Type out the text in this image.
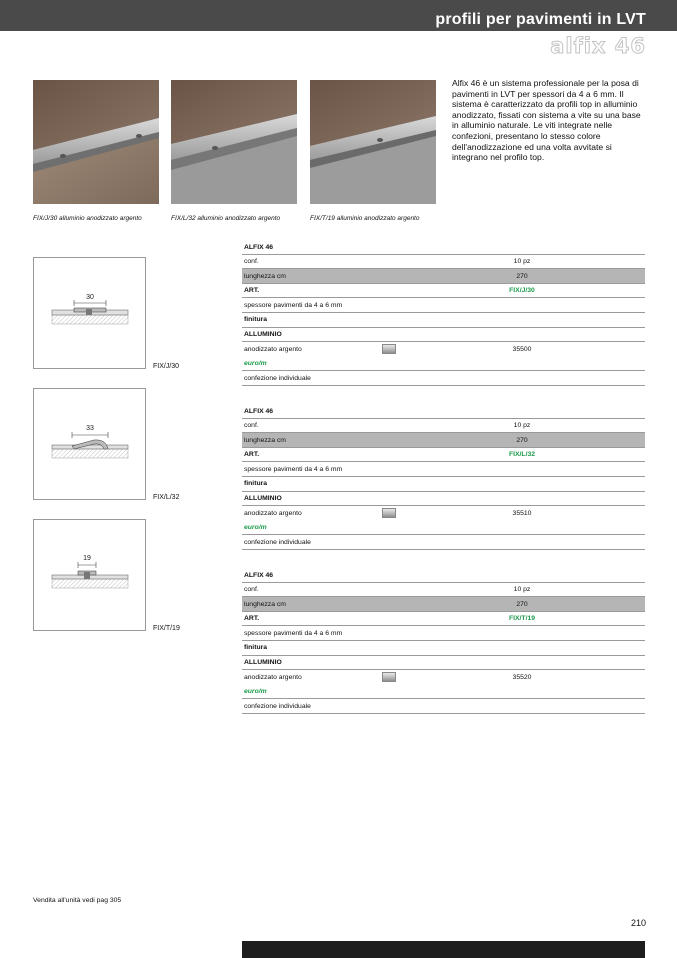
profili per pavimenti in LVT
alfix 46
FIX/J/30 alluminio anodizzato argento	FIX/L/32 alluminio anodizzato argento	FIX/T/19 alluminio anodizzato argento
Alfix 46 è un sistema professionale per la posa di pavimenti in LVT per spessori da 4 a 6 mm. Il sistema è caratterizzato da profili top in alluminio anodizzato, fissati con sistema a vite su una base in alluminio naturale. Le viti integrate nelle confezioni, presentano lo stesso colore dell'anodizzazione ed una volta avvitate si integrano nel profilo top.
30
FIX/J/30
33
FIX/L/32
19
FIX/T/19
ALFIX 46
conf.	10 pz
lunghezza cm	270
ART.	FIX/J/30
spessore pavimenti da 4 a 6 mm
finitura
ALLUMINIO
anodizzato argento	35500
euro/m
confezione individuale
ALFIX 46
conf.	10 pz
lunghezza cm	270
ART.	FIX/L/32
spessore pavimenti da 4 a 6 mm
finitura
ALLUMINIO
anodizzato argento	35510
euro/m
confezione individuale
ALFIX 46
conf.	10 pz
lunghezza cm	270
ART.	FIX/T/19
spessore pavimenti da 4 a 6 mm
finitura
ALLUMINIO
anodizzato argento	35520
euro/m
confezione individuale
Vendita all'unità vedi pag 305
210
